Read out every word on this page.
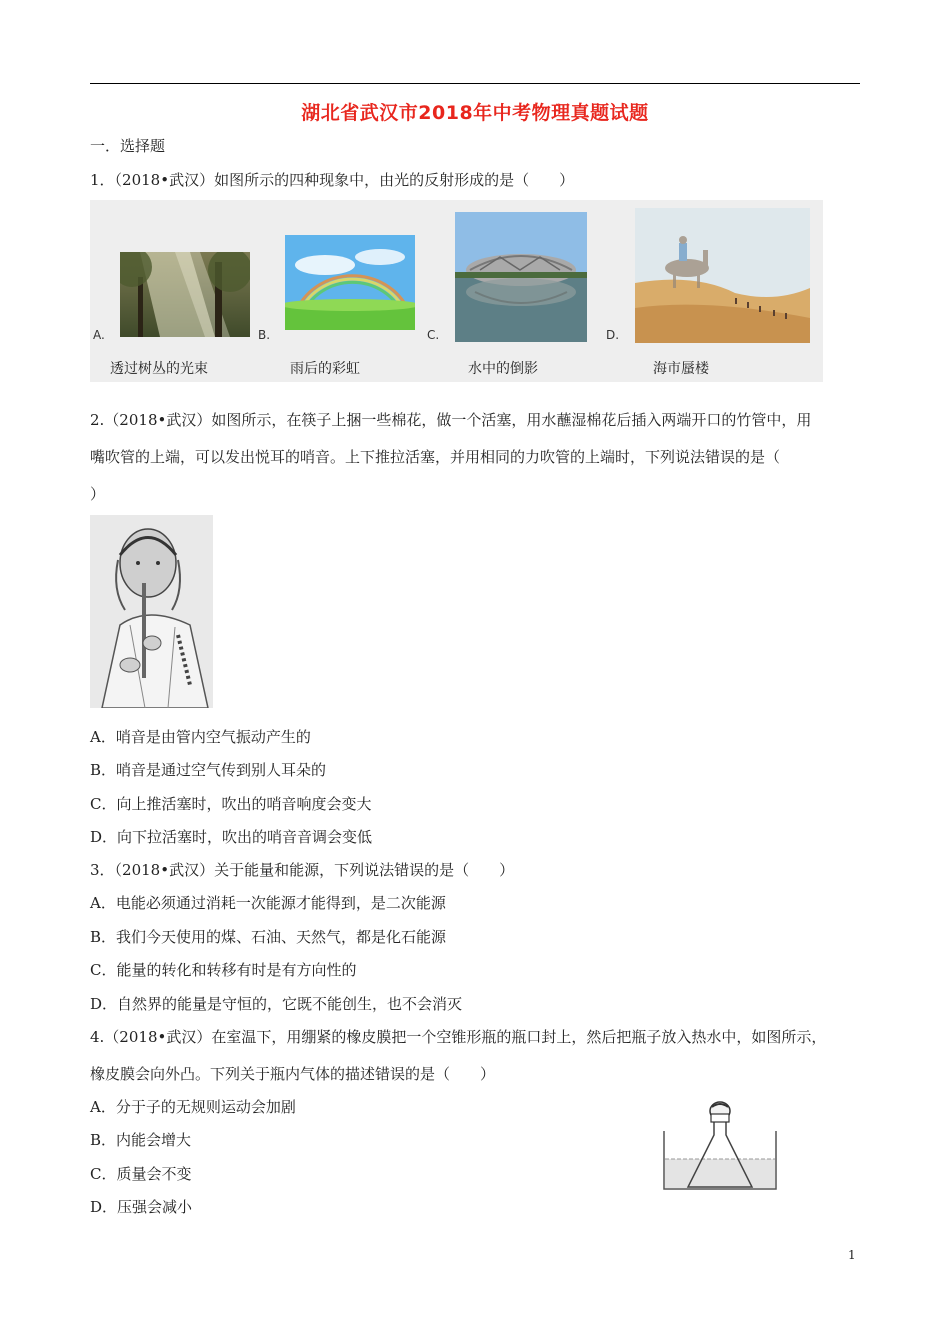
湖北省武汉市2018年中考物理真题试题
一．选择题
1．（2018•武汉）如图所示的四种现象中，由光的反射形成的是（　　）
A.
透过树丛的光束
B.
雨后的彩虹
C.
水中的倒影
D.
海市蜃楼
2.（2018•武汉）如图所示，在筷子上捆一些棉花，做一个活塞，用水蘸湿棉花后插入两端开口的竹管中，用
嘴吹管的上端，可以发出悦耳的哨音。上下推拉活塞，并用相同的力吹管的上端时，下列说法错误的是（
）
A．哨音是由管内空气振动产生的
B．哨音是通过空气传到别人耳朵的
C．向上推活塞时，吹出的哨音响度会变大
D．向下拉活塞时，吹出的哨音音调会变低
3．（2018•武汉）关于能量和能源，下列说法错误的是（　　）
A．电能必须通过消耗一次能源才能得到，是二次能源
B．我们今天使用的煤、石油、天然气，都是化石能源
C．能量的转化和转移有时是有方向性的
D．自然界的能量是守恒的，它既不能创生，也不会消灭
4.（2018•武汉）在室温下，用绷紧的橡皮膜把一个空锥形瓶的瓶口封上，然后把瓶子放入热水中，如图所示，
橡皮膜会向外凸。下列关于瓶内气体的描述错误的是（　　）
A．分于子的无规则运动会加剧
B．内能会增大
C．质量会不变
D．压强会减小
1
